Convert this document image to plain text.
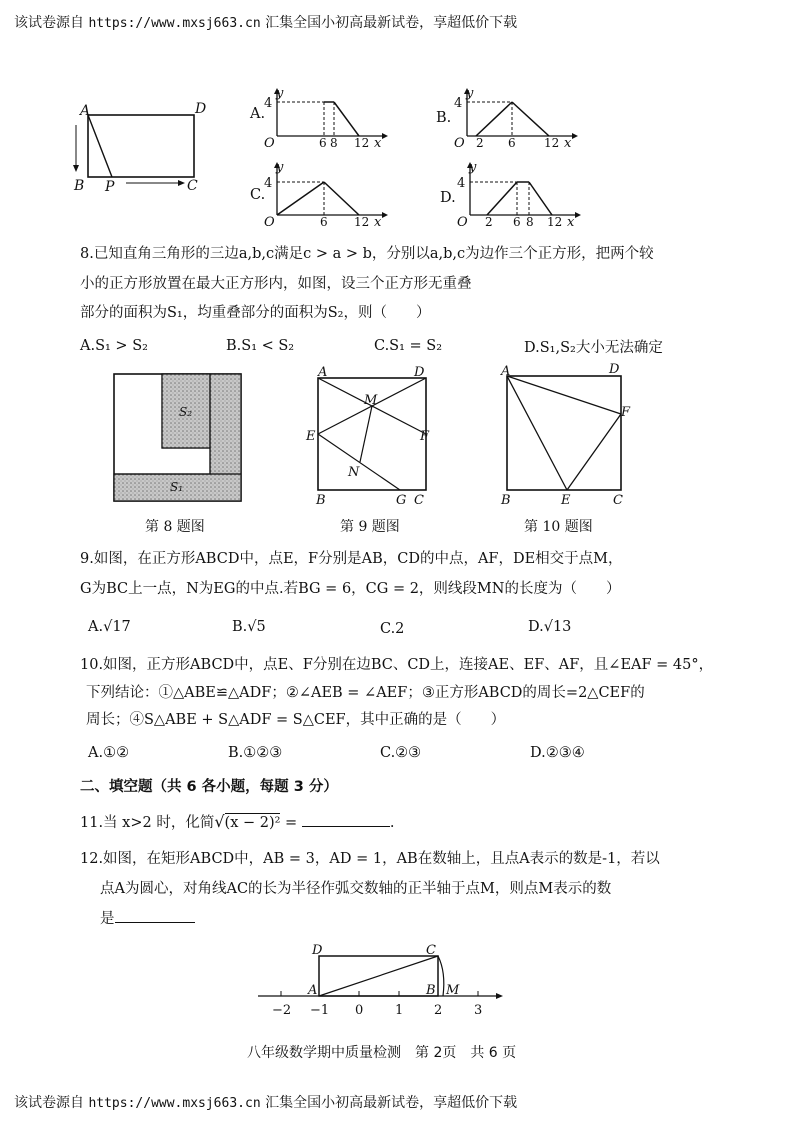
该试卷源自 https://www.mxsj663.cn 汇集全国小初高最新试卷，享超低价下载
A	D
B P	C
A.
y
4
O	6 8 12 x
B.
y
4
O 2 6 12 x
C.
y
4
O	6 12 x
D.
y
4
O 2 6 8 12 x
8.已知直角三角形的三边a,b,c满足c > a > b，分别以a,b,c为边作三个正方形，把两个较
小的正方形放置在最大正方形内，如图，设三个正方形无重叠
部分的面积为S₁，均重叠部分的面积为S₂，则（　　）
A.S₁ > S₂	B.S₁ < S₂	C.S₁ = S₂	D.S₁,S₂大小无法确定
S₂
S₁
A	D
M
E	F
N
B	G C
A	D
F
B	E	C
第 8 题图	第 9 题图	第 10 题图
9.如图，在正方形ABCD中，点E，F分别是AB，CD的中点，AF，DE相交于点M，
G为BC上一点，N为EG的中点.若BG = 6，CG = 2，则线段MN的长度为（　　）
A.√17	B.√5	C.2	D.√13
10.如图，正方形ABCD中，点E、F分别在边BC、CD上，连接AE、EF、AF，且∠EAF = 45°，
下列结论：①△ABE≌△ADF；②∠AEB = ∠AEF；③正方形ABCD的周长=2△CEF的
周长；④S△ABE + S△ADF = S△CEF，其中正确的是（　　）
A.①②	B.①②③	C.②③	D.②③④
二、填空题（共 6 各小题，每题 3 分）
11.当 x>2 时，化简√(x − 2)² =	.
12.如图，在矩形ABCD中，AB = 3，AD = 1，AB在数轴上，且点A表示的数是-1，若以
点A为圆心，对角线AC的长为半径作弧交数轴的正半轴于点M，则点M表示的数
是
D	C
A	B M
−2 −1 0 1 2 3
八年级数学期中质量检测　第 2页　共 6 页
该试卷源自 https://www.mxsj663.cn 汇集全国小初高最新试卷，享超低价下载
